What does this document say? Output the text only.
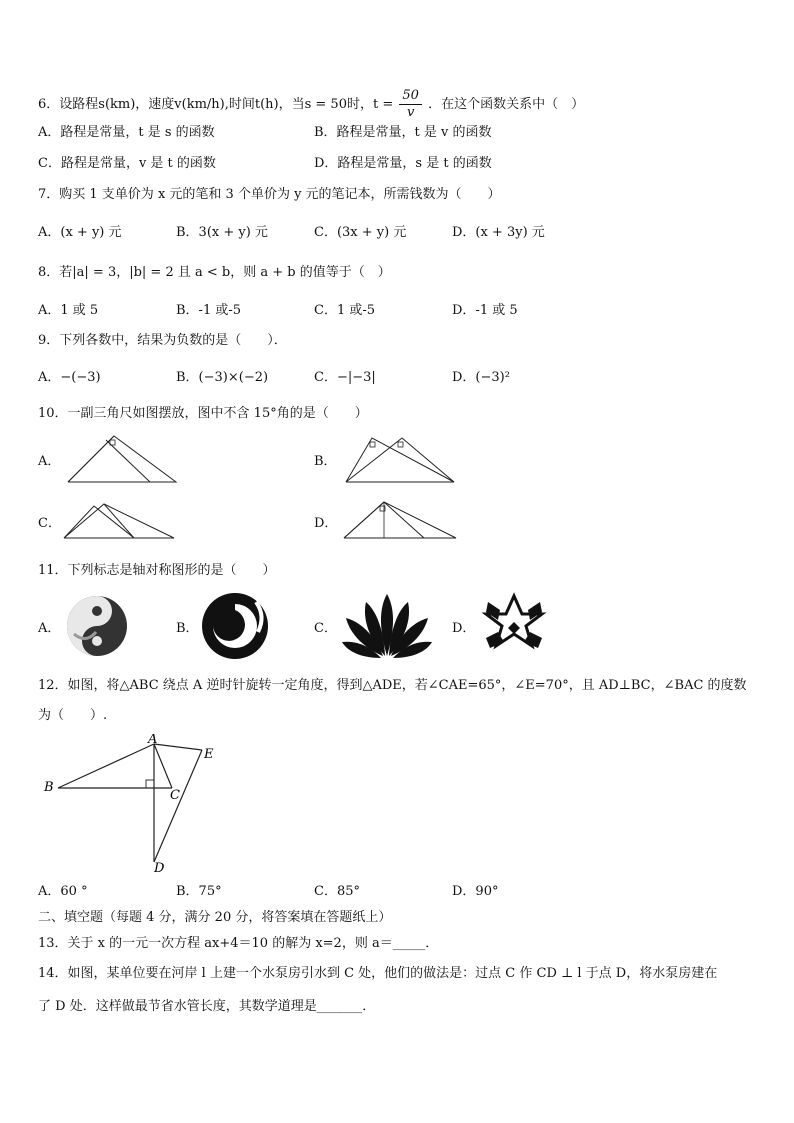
6．设路程s(km)，速度v(km/h),时间t(h)，当s = 50时，$t = \frac{50}{v}$ ．在这个函数关系中（　）
A．路程是常量，t 是 s 的函数	B．路程是常量，t 是 v 的函数
C．路程是常量，v 是 t 的函数	D．路程是常量，s 是 t 的函数
7．购买 1 支单价为 x 元的笔和 3 个单价为 y 元的笔记本，所需钱数为（　　）
A．(x + y) 元	B．3(x + y) 元	C．(3x + y) 元	D．(x + 3y) 元
8．若|a| = 3，|b| = 2 且 a < b，则 a + b 的值等于（　）
A．1 或 5	B．-1 或-5	C．1 或-5	D．-1 或 5
9．下列各数中，结果为负数的是（　　）．
A．−(−3)	B．(−3)×(−2)	C．−|−3|	D．(−3)²
10．一副三角尺如图摆放，图中不含 15°角的是（　　）
A．	B．
C．	D．
11．下列标志是轴对称图形的是（　　）
A．	B．	C．	D．
12．如图，将△ABC 绕点 A 逆时针旋转一定角度，得到△ADE，若∠CAE=65°，∠E=70°，且 AD⊥BC，∠BAC 的度数
为（　　）.
A
B
C
D
E
A．60 °	B．75°	C．85°	D．90°
二、填空题（每题 4 分，满分 20 分，将答案填在答题纸上）
13．关于 x 的一元一次方程 ax+4＝10 的解为 x=2，则 a＝_____．
14．如图，某单位要在河岸 l 上建一个水泵房引水到 C 处，他们的做法是：过点 C 作 CD ⊥ l 于点 D，将水泵房建在
了 D 处．这样做最节省水管长度，其数学道理是_______．
